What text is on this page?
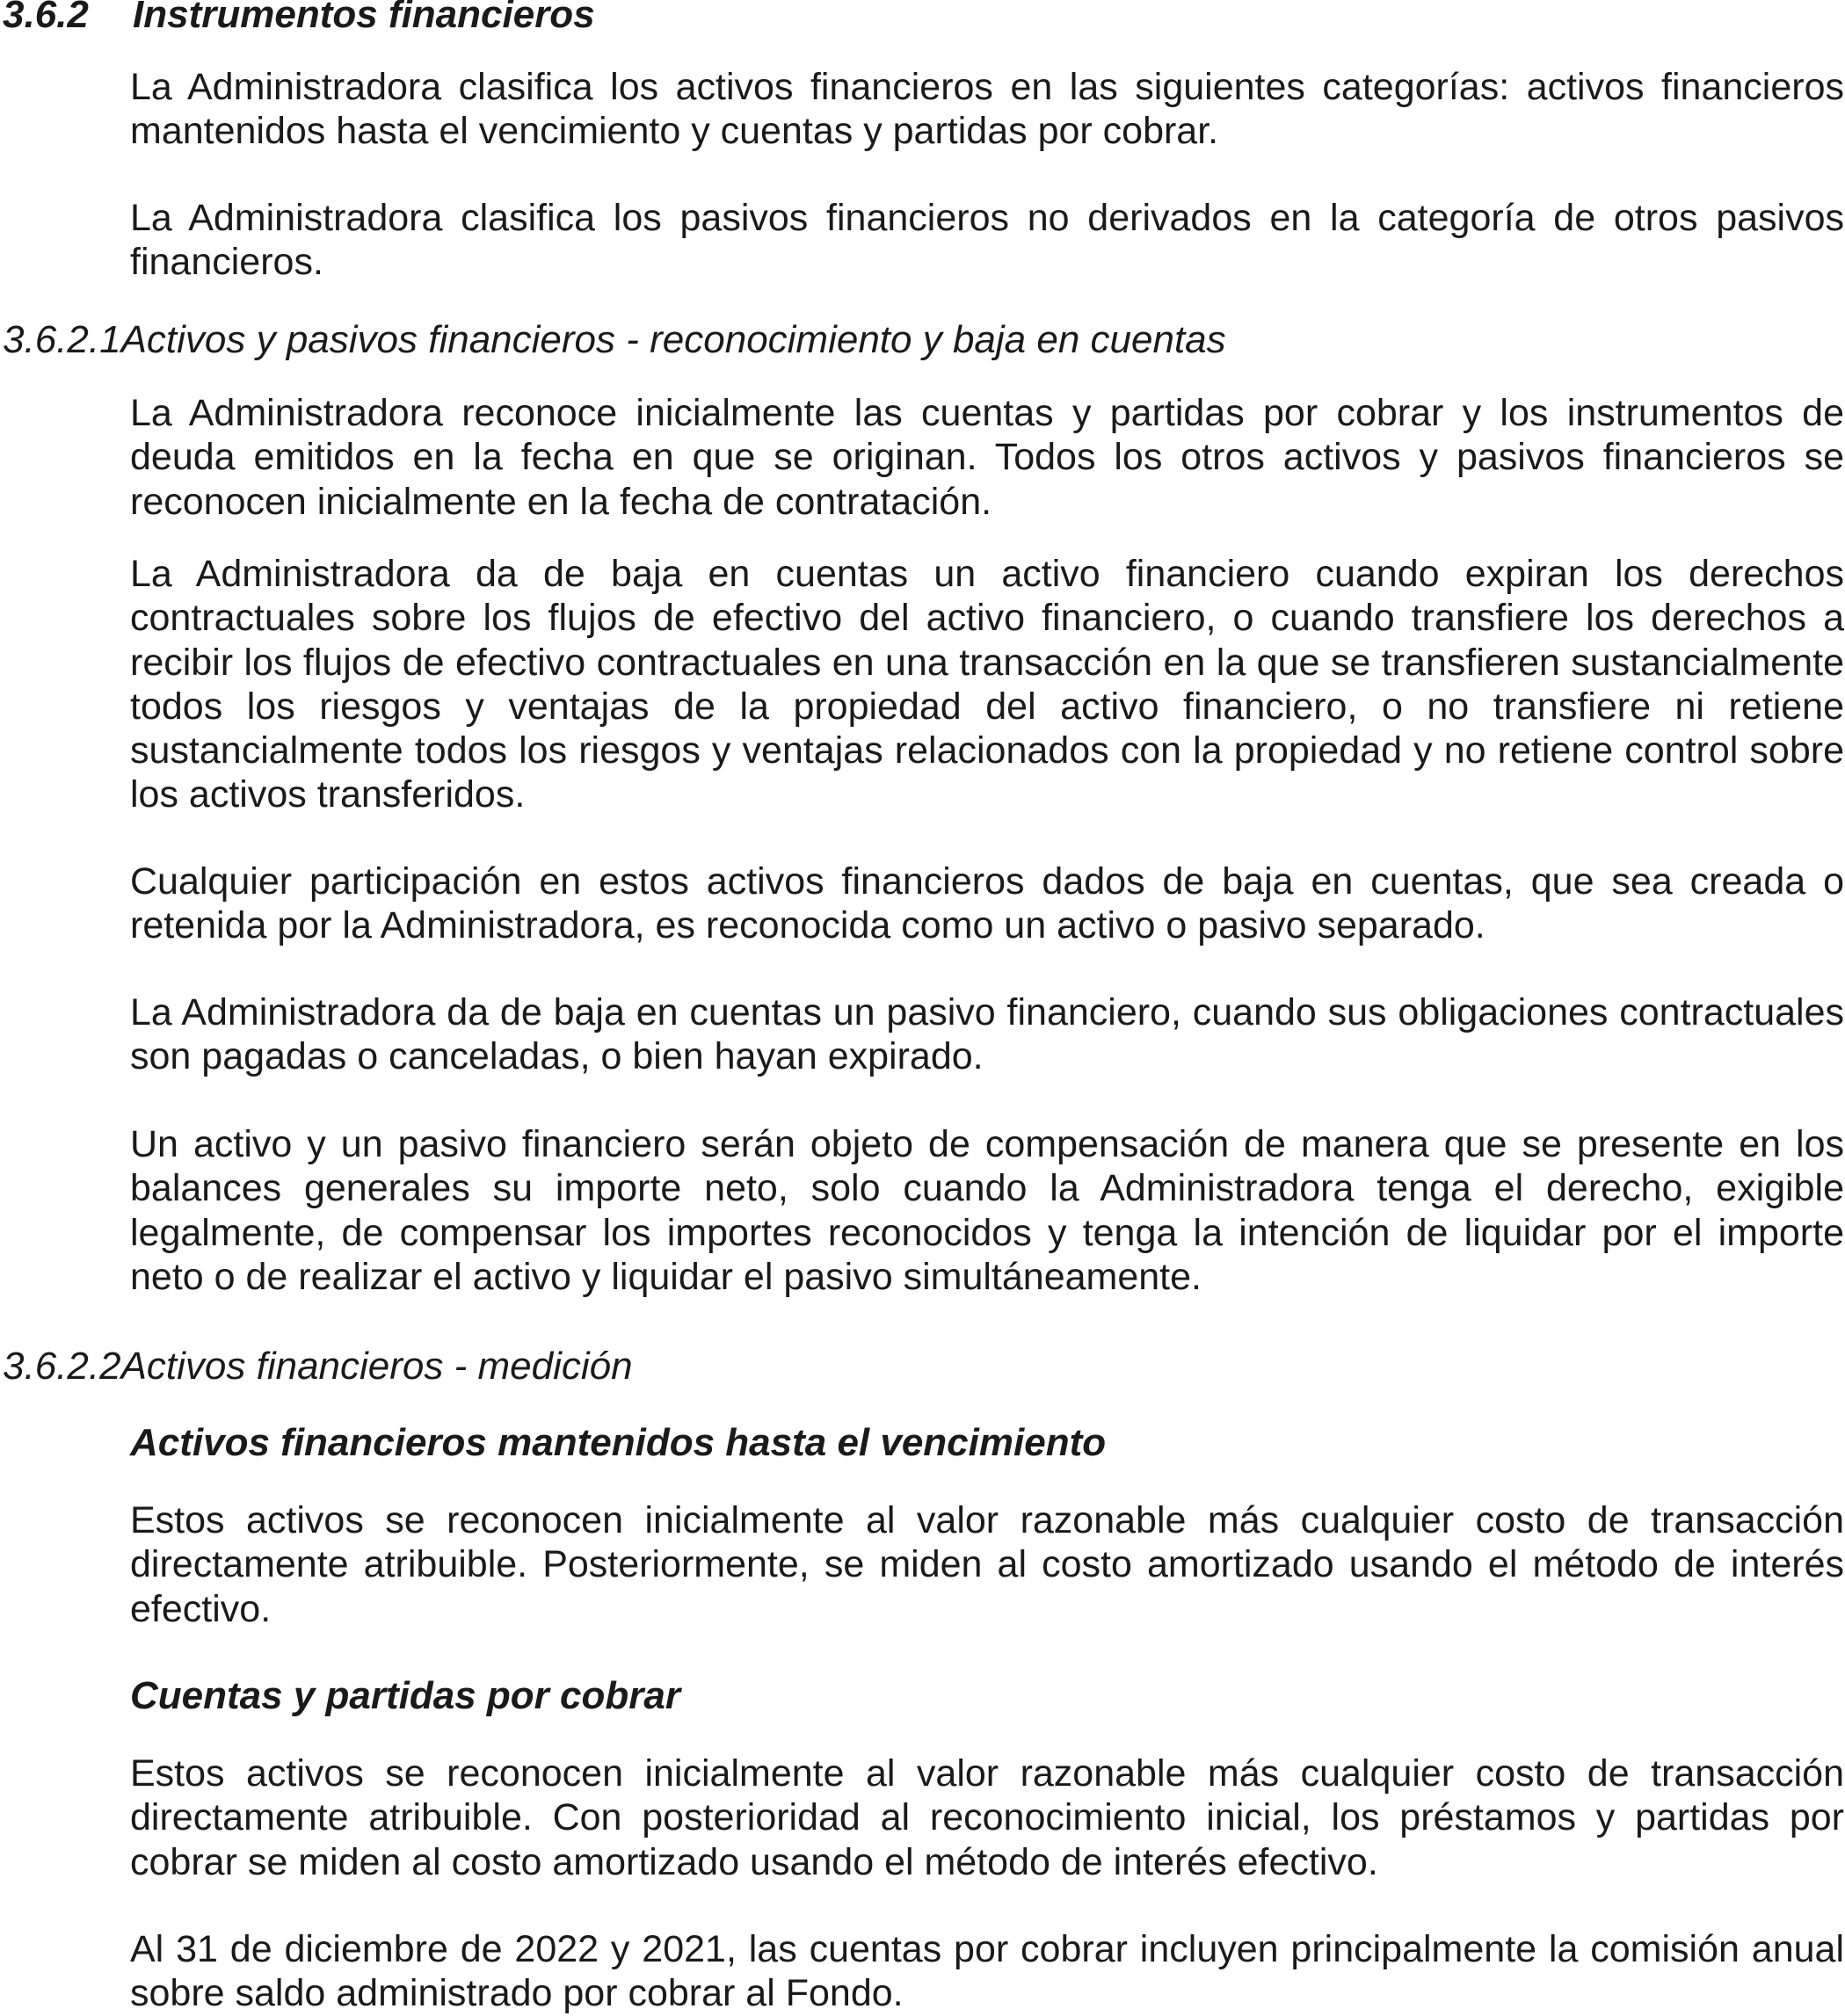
3.6.2 Instrumentos financieros

La Administradora clasifica los activos financieros en las siguientes categorías: activos financieros mantenidos hasta el vencimiento y cuentas y partidas por cobrar.

La Administradora clasifica los pasivos financieros no derivados en la categoría de otros pasivos financieros.

3.6.2.1Activos y pasivos financieros - reconocimiento y baja en cuentas

La Administradora reconoce inicialmente las cuentas y partidas por cobrar y los instrumentos de deuda emitidos en la fecha en que se originan. Todos los otros activos y pasivos financieros se reconocen inicialmente en la fecha de contratación.

La Administradora da de baja en cuentas un activo financiero cuando expiran los derechos contractuales sobre los flujos de efectivo del activo financiero, o cuando transfiere los derechos a recibir los flujos de efectivo contractuales en una transacción en la que se transfieren sustancialmente todos los riesgos y ventajas de la propiedad del activo financiero, o no transfiere ni retiene sustancialmente todos los riesgos y ventajas relacionados con la propiedad y no retiene control sobre los activos transferidos.

Cualquier participación en estos activos financieros dados de baja en cuentas, que sea creada o retenida por la Administradora, es reconocida como un activo o pasivo separado.

La Administradora da de baja en cuentas un pasivo financiero, cuando sus obligaciones contractuales son pagadas o canceladas, o bien hayan expirado.

Un activo y un pasivo financiero serán objeto de compensación de manera que se presente en los balances generales su importe neto, solo cuando la Administradora tenga el derecho, exigible legalmente, de compensar los importes reconocidos y tenga la intención de liquidar por el importe neto o de realizar el activo y liquidar el pasivo simultáneamente.

3.6.2.2Activos financieros - medición
Activos financieros mantenidos hasta el vencimiento

Estos activos se reconocen inicialmente al valor razonable más cualquier costo de transacción directamente atribuible. Posteriormente, se miden al costo amortizado usando el método de interés efectivo.

Cuentas y partidas por cobrar

Estos activos se reconocen inicialmente al valor razonable más cualquier costo de transacción directamente atribuible. Con posterioridad al reconocimiento inicial, los préstamos y partidas por cobrar se miden al costo amortizado usando el método de interés efectivo.

Al 31 de diciembre de 2022 y 2021, las cuentas por cobrar incluyen principalmente la comisión anual sobre saldo administrado por cobrar al Fondo.
